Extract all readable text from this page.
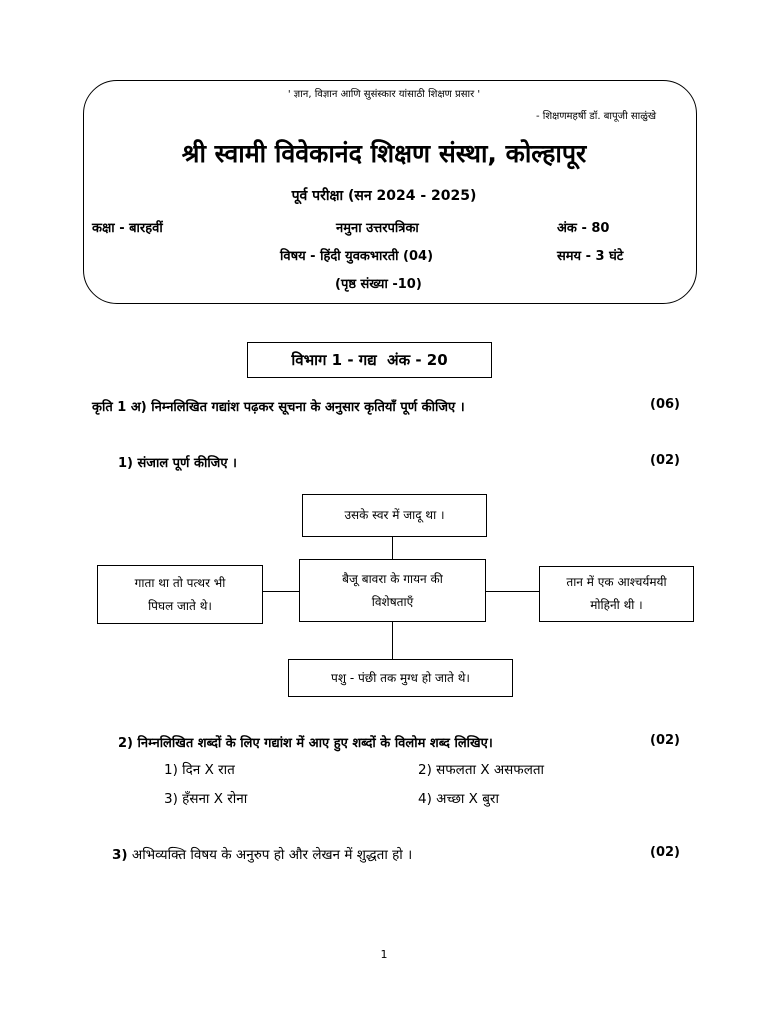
' ज्ञान, विज्ञान आणि सुसंस्कार यांसाठी शिक्षण प्रसार '
- शिक्षणमहर्षी डॉ. बापूजी साळुंखे
श्री स्वामी विवेकानंद शिक्षण संस्था, कोल्हापूर
पूर्व परीक्षा (सन 2024 - 2025)
कक्षा - बारहवीं	नमुना उत्तरपत्रिका	अंक - 80
विषय - हिंदी युवकभारती (04)	समय - 3 घंटे
(पृष्ठ संख्या -10)
विभाग 1 - गद्य  अंक - 20
कृति 1 अ) निम्नलिखित गद्यांश पढ़कर सूचना के अनुसार कृतियाँ पूर्ण कीजिए ।	(06)
1) संजाल पूर्ण कीजिए ।	(02)
उसके स्वर में जादू था ।
बैजू बावरा के गायन की विशेषताएँ
गाता था तो पत्थर भी पिघल जाते थे।
तान में एक आश्चर्यमयी मोहिनी थी ।
पशु - पंछी तक मुग्ध हो जाते थे।
2) निम्नलिखित शब्दों के लिए गद्यांश में आए हुए शब्दों के विलोम शब्द लिखिए।	(02)
1) दिन X रात	2) सफलता X असफलता
3) हँसना X रोना	4) अच्छा X बुरा
3) अभिव्यक्ति विषय के अनुरुप हो और लेखन में शुद्धता हो ।	(02)
1
